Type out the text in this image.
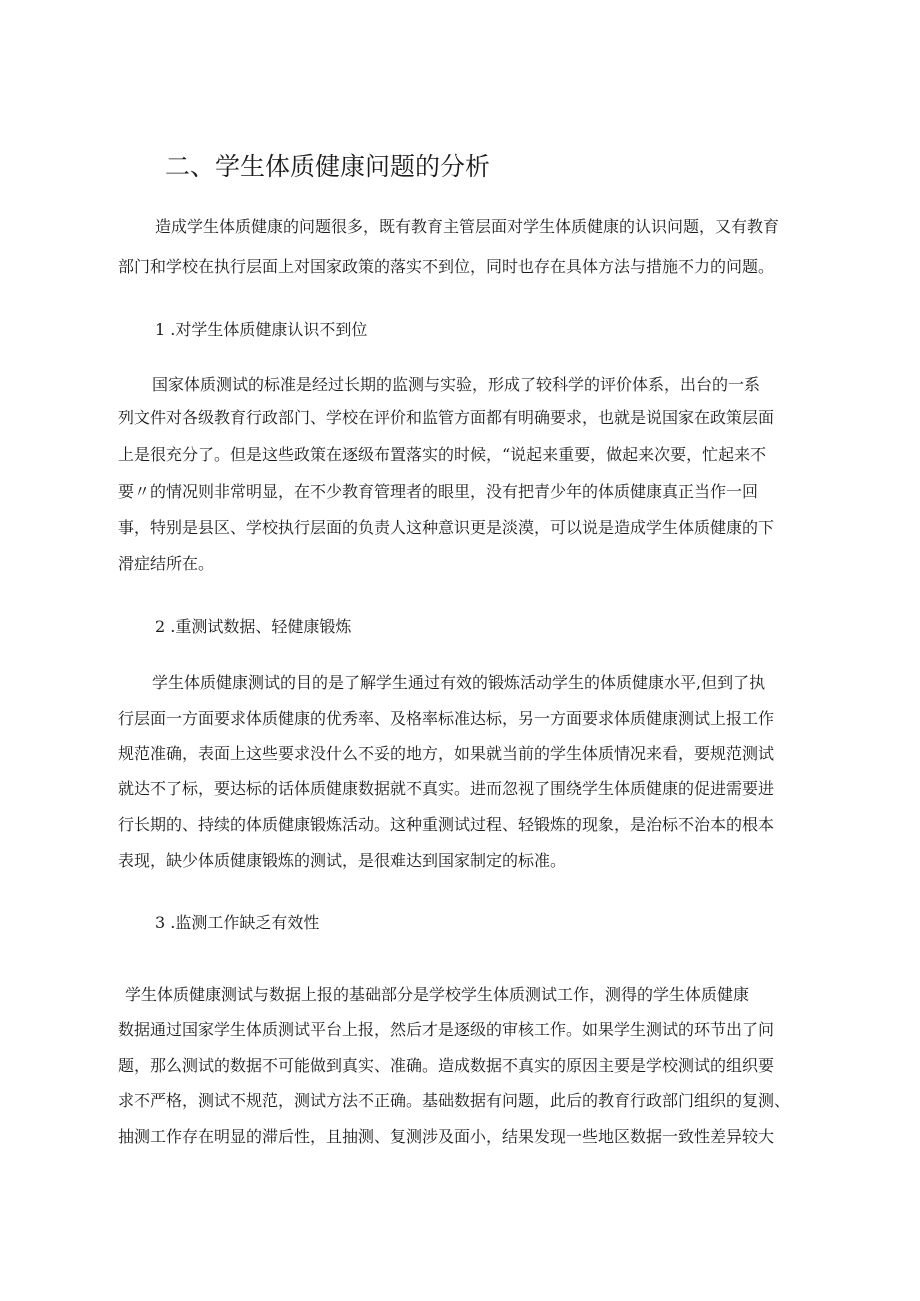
二、学生体质健康问题的分析
造成学生体质健康的问题很多，既有教育主管层面对学生体质健康的认识问题，又有教育
部门和学校在执行层面上对国家政策的落实不到位，同时也存在具体方法与措施不力的问题。
1 .对学生体质健康认识不到位
国家体质测试的标准是经过长期的监测与实验，形成了较科学的评价体系，出台的一系
列文件对各级教育行政部门、学校在评价和监管方面都有明确要求，也就是说国家在政策层面
上是很充分了。但是这些政策在逐级布置落实的时候，“说起来重要，做起来次要，忙起来不
要〃的情况则非常明显，在不少教育管理者的眼里，没有把青少年的体质健康真正当作一回
事，特别是县区、学校执行层面的负责人这种意识更是淡漠，可以说是造成学生体质健康的下
滑症结所在。
2 .重测试数据、轻健康锻炼
学生体质健康测试的目的是了解学生通过有效的锻炼活动学生的体质健康水平,但到了执
行层面一方面要求体质健康的优秀率、及格率标准达标，另一方面要求体质健康测试上报工作
规范准确，表面上这些要求没什么不妥的地方，如果就当前的学生体质情况来看，要规范测试
就达不了标，要达标的话体质健康数据就不真实。进而忽视了围绕学生体质健康的促进需要进
行长期的、持续的体质健康锻炼活动。这种重测试过程、轻锻炼的现象，是治标不治本的根本
表现，缺少体质健康锻炼的测试，是很难达到国家制定的标准。
3 .监测工作缺乏有效性
学生体质健康测试与数据上报的基础部分是学校学生体质测试工作，测得的学生体质健康
数据通过国家学生体质测试平台上报，然后才是逐级的审核工作。如果学生测试的环节出了问
题，那么测试的数据不可能做到真实、准确。造成数据不真实的原因主要是学校测试的组织要
求不严格，测试不规范，测试方法不正确。基础数据有问题，此后的教育行政部门组织的复测、
抽测工作存在明显的滞后性，且抽测、复测涉及面小，结果发现一些地区数据一致性差异较大
